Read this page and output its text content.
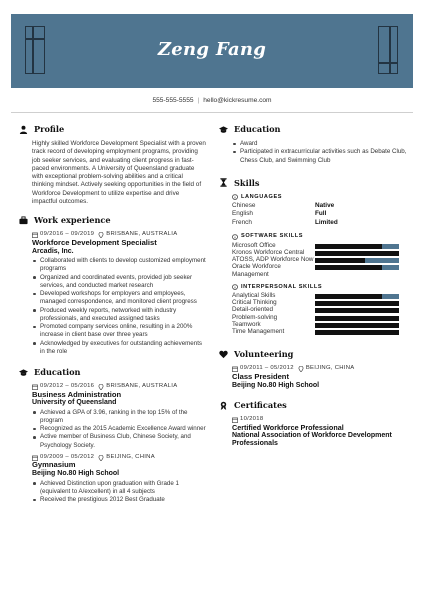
Zeng Fang
555-555-5555 | hello@kickresume.com
Profile

Highly skilled Workforce Development Specialist with a proven track record of developing employment programs, providing job seeker services, and evaluating client progress in fast-paced environments. A University of Queensland graduate with exceptional problem-solving abilities and a critical thinking mindset. Actively seeking opportunities in the field of Workforce Development to utilize expertise and drive impactful outcomes.

Work experience
09/2016 – 09/2019 BRISBANE, AUSTRALIA
Workforce Development Specialist
Arcadis, Inc.
Collaborated with clients to develop customized employment programs
Organized and coordinated events, provided job seeker services, and conducted market research
Developed workshops for employers and employees, managed correspondence, and monitored client progress
Produced weekly reports, networked with industry professionals, and executed assigned tasks
Promoted company services online, resulting in a 200% increase in client base over three years
Acknowledged by executives for outstanding achievements in the role
Education
09/2012 – 05/2016 BRISBANE, AUSTRALIA
Business Administration
University of Queensland
Achieved a GPA of 3.96, ranking in the top 15% of the program
Recognized as the 2015 Academic Excellence Award winner
Active member of Business Club, Chinese Society, and Psychology Society.
09/2009 – 05/2012 BEIJING, CHINA
Gymnasium
Beijing No.80 High School
Achieved Distinction upon graduation with Grade 1 (equivalent to A/excellent) in all 4 subjects
Received the prestigious 2012 Best Graduate
Education
Award
Participated in extracurricular activities such as Debate Club, Chess Club, and Swimming Club
Skills
LANGUAGES
Chinese	Native
English	Full
French	Limited
SOFTWARE SKILLS
Microsoft Office
Kronos Workforce Central
ATOSS, ADP Workforce Now
Oracle Workforce Management
INTERPERSONAL SKILLS
Analytical Skills
Critical Thinking
Detail-oriented
Problem-solving
Teamwork
Time Management
Volunteering
09/2011 – 05/2012 BEIJING, CHINA
Class President
Beijing No.80 High School
Certificates
10/2018
Certified Workforce Professional
National Association of Workforce Development Professionals
